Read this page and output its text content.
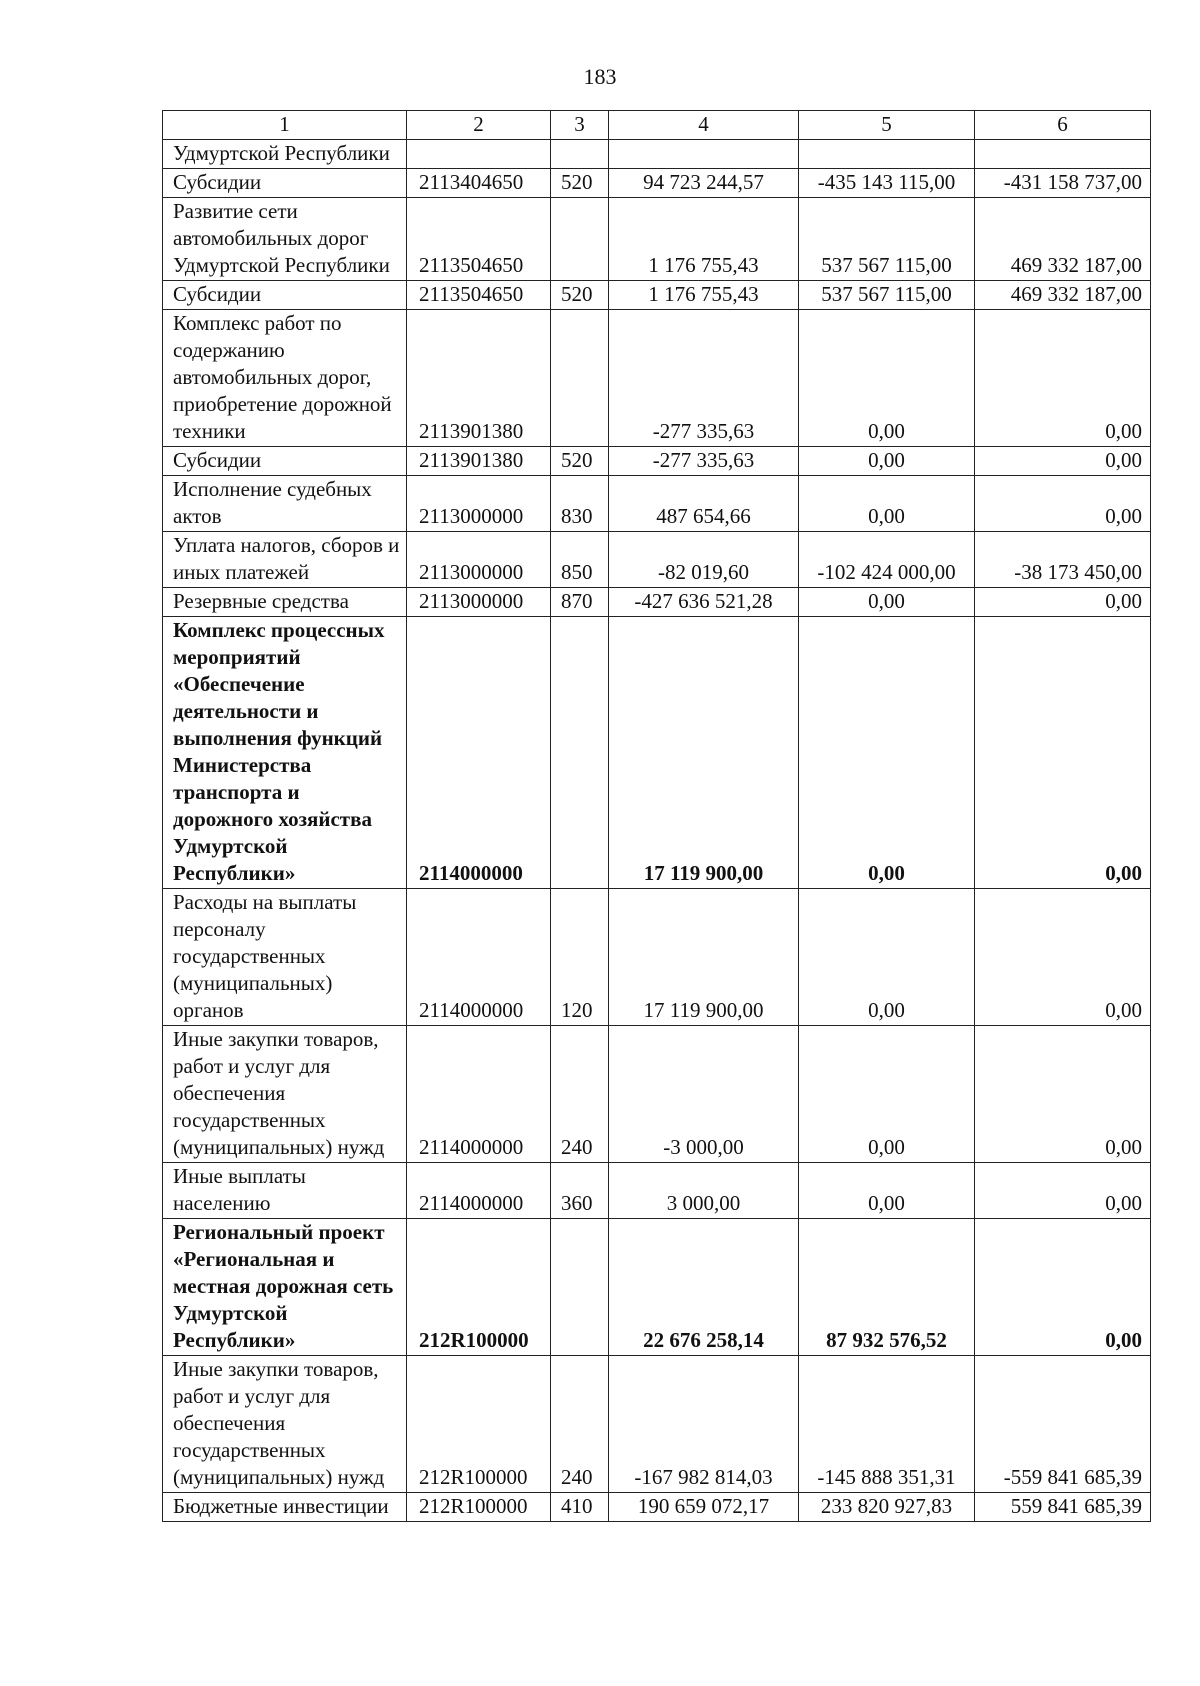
183
1	2	3	4	5	6
Удмуртской Республики					
Субсидии	2113404650	520	94 723 244,57	-435 143 115,00	-431 158 737,00
Развитие сети автомобильных дорог Удмуртской Республики	2113504650		1 176 755,43	537 567 115,00	469 332 187,00
Субсидии	2113504650	520	1 176 755,43	537 567 115,00	469 332 187,00
Комплекс работ по содержанию автомобильных дорог, приобретение дорожной техники	2113901380		-277 335,63	0,00	0,00
Субсидии	2113901380	520	-277 335,63	0,00	0,00
Исполнение судебных актов	2113000000	830	487 654,66	0,00	0,00
Уплата налогов, сборов и иных платежей	2113000000	850	-82 019,60	-102 424 000,00	-38 173 450,00
Резервные средства	2113000000	870	-427 636 521,28	0,00	0,00
Комплекс процессных мероприятий «Обеспечение деятельности и выполнения функций Министерства транспорта и дорожного хозяйства Удмуртской Республики»	2114000000		17 119 900,00	0,00	0,00
Расходы на выплаты персоналу государственных (муниципальных) органов	2114000000	120	17 119 900,00	0,00	0,00
Иные закупки товаров, работ и услуг для обеспечения государственных (муниципальных) нужд	2114000000	240	-3 000,00	0,00	0,00
Иные выплаты населению	2114000000	360	3 000,00	0,00	0,00
Региональный проект «Региональная и местная дорожная сеть Удмуртской Республики»	212R100000		22 676 258,14	87 932 576,52	0,00
Иные закупки товаров, работ и услуг для обеспечения государственных (муниципальных) нужд	212R100000	240	-167 982 814,03	-145 888 351,31	-559 841 685,39
Бюджетные инвестиции	212R100000	410	190 659 072,17	233 820 927,83	559 841 685,39
